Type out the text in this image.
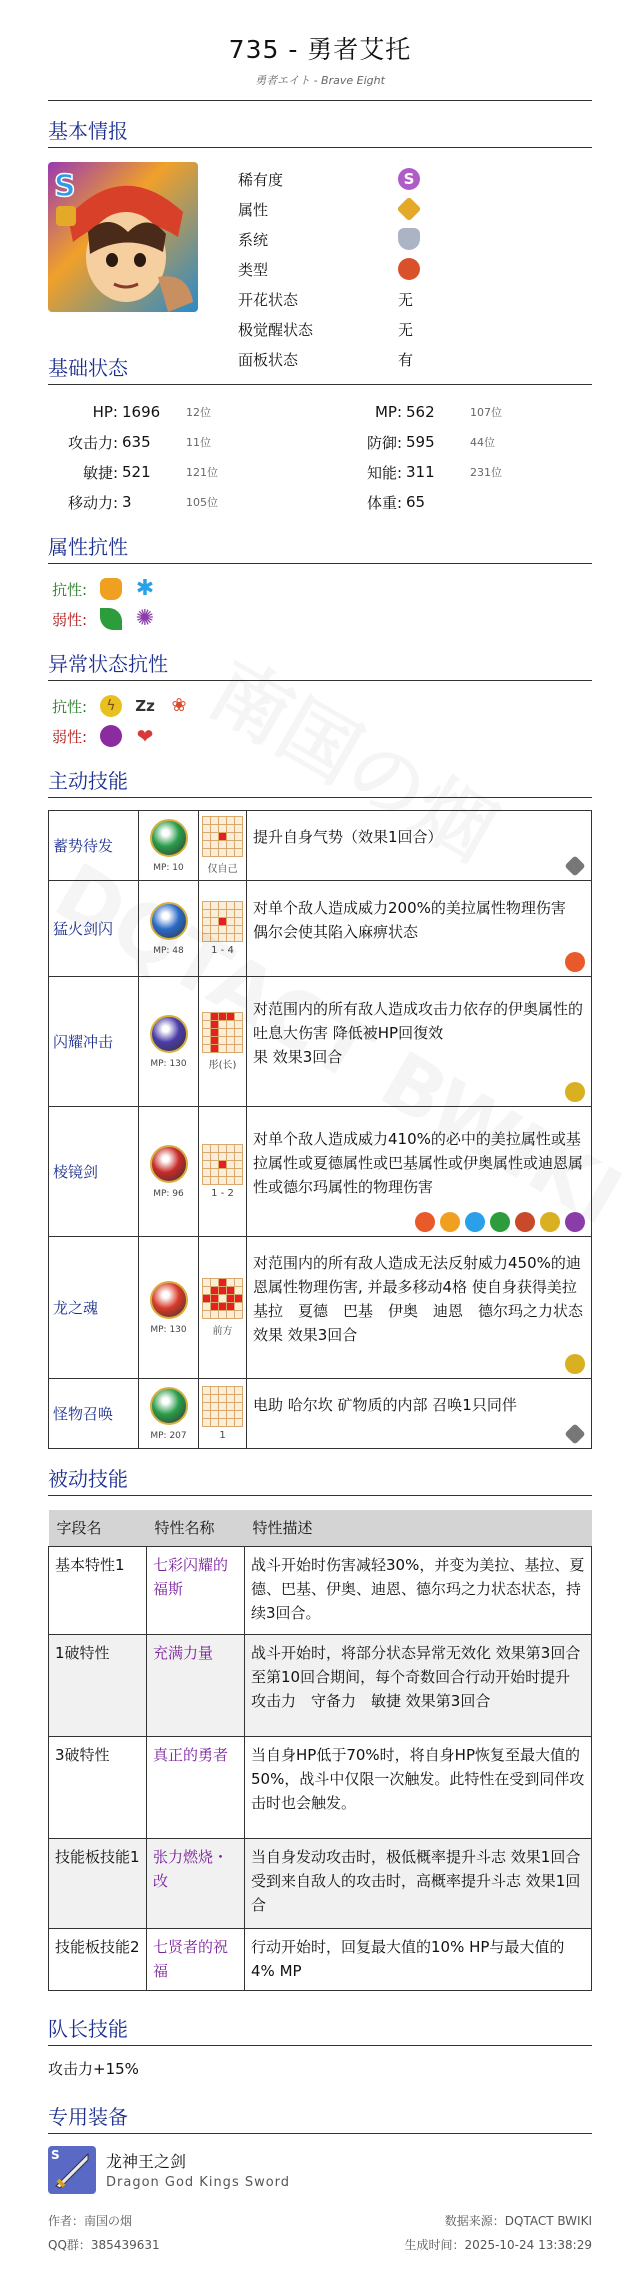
735 - 勇者艾托
勇者エイト - Brave Eight
基本情报
S	稀有度	S
属性
系统
类型
开花状态	无
极觉醒状态	无
面板状态	有
基础状态
HP: 1696	12位	MP: 562	107位
攻击力: 635	11位	防御: 595	44位
敏捷: 521	121位	知能: 311	231位
移动力: 3	105位	体重: 65
属性抗性
抗性:	✱
弱性:	✺
异常状态抗性
抗性:	ϟ	Zz ❀
弱性:	❤
主动技能
蓄势待发	MP: 10	仅自己	提升自身气势（效果1回合）

猛火剑闪	MP: 48	1 - 4	对单个敌人造成威力200%的美拉属性物理伤害 偶尔会使其陷入麻痹状态

闪耀冲击	MP: 130	彤(长)	对范围内的所有敌人造成攻击力依存的伊奥属性的吐息大伤害 降低被HP回復效
果 效果3回合

棱镜剑	MP: 96	1 - 2	对单个敌人造成威力410%的必中的美拉属性或基拉属性或夏德属性或巴基属性或伊奥属性或迪恩属性或德尔玛属性的物理伤害

龙之魂	MP: 130	前方	对范围内的所有敌人造成无法反射威力450%的迪恩属性物理伤害, 并最多移动4格 使自身获得美拉　基拉　夏德　巴基　伊奥　迪恩　德尔玛之力状态效果 效果3回合

怪物召唤	MP: 207	1	电助 哈尔坎 矿物质的内部 召唤1只同伴
被动技能
字段名	特性名称	特性描述
基本特性1	七彩闪耀的福斯	战斗开始时伤害减轻30%，并变为美拉、基拉、夏德、巴基、伊奥、迪恩、德尔玛之力状态状态，持续3回合。
1破特性	充满力量	战斗开始时，将部分状态异常无效化 效果第3回合至第10回合期间，每个奇数回合行动开始时提升攻击力　守备力　敏捷 效果第3回合
3破特性	真正的勇者	当自身HP低于70%时，将自身HP恢复至最大值的50%，战斗中仅限一次触发。此特性在受到同伴攻击时也会触发。
技能板技能1	张力燃烧・改	当自身发动攻击时，极低概率提升斗志 效果1回合 受到来自敌人的攻击时，高概率提升斗志 效果1回合
技能板技能2	七贤者的祝福	行动开始时，回复最大值的10% HP与最大值的4% MP
队长技能
攻击力+15%
专用装备
S	龙神王之剑
Dragon God Kings Sword
作者：南国の烟	数据来源：DQTACT BWIKI
QQ群：385439631	生成时间：2025-10-24 13:38:29
